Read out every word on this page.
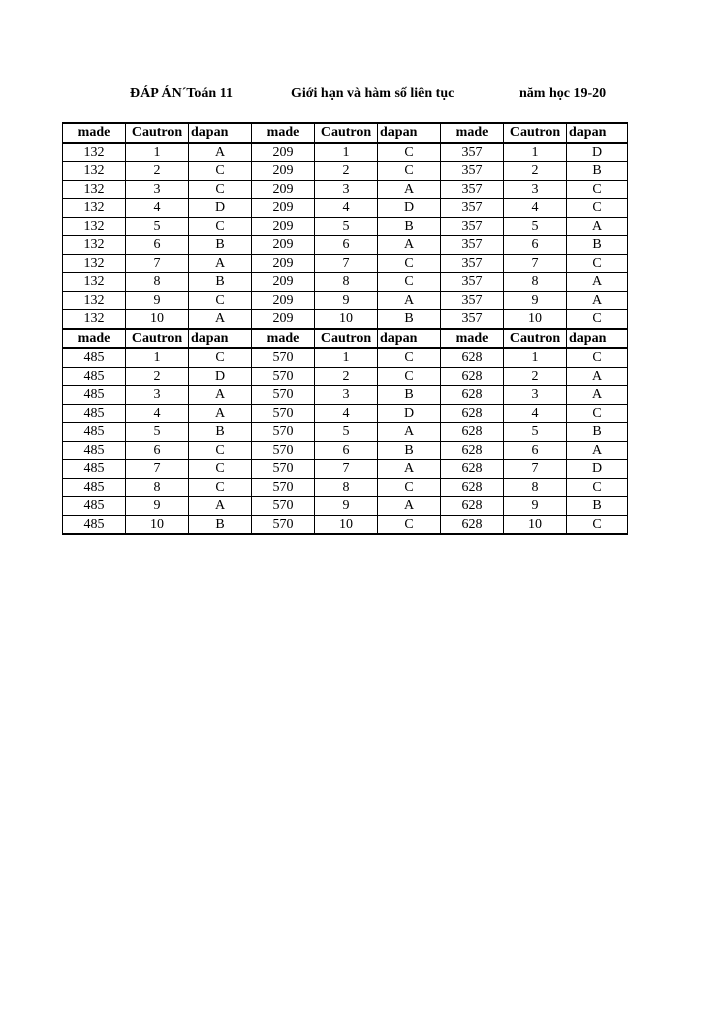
ĐÁP ÁN´Toán 11	Giới hạn và hàm số liên tục	năm học 19-20
made	Cautron	dapan	made	Cautron	dapan	made	Cautron	dapan
132	1	A	209	1	C	357	1	D
132	2	C	209	2	C	357	2	B
132	3	C	209	3	A	357	3	C
132	4	D	209	4	D	357	4	C
132	5	C	209	5	B	357	5	A
132	6	B	209	6	A	357	6	B
132	7	A	209	7	C	357	7	C
132	8	B	209	8	C	357	8	A
132	9	C	209	9	A	357	9	A
132	10	A	209	10	B	357	10	C
made	Cautron	dapan	made	Cautron	dapan	made	Cautron	dapan
485	1	C	570	1	C	628	1	C
485	2	D	570	2	C	628	2	A
485	3	A	570	3	B	628	3	A
485	4	A	570	4	D	628	4	C
485	5	B	570	5	A	628	5	B
485	6	C	570	6	B	628	6	A
485	7	C	570	7	A	628	7	D
485	8	C	570	8	C	628	8	C
485	9	A	570	9	A	628	9	B
485	10	B	570	10	C	628	10	C
